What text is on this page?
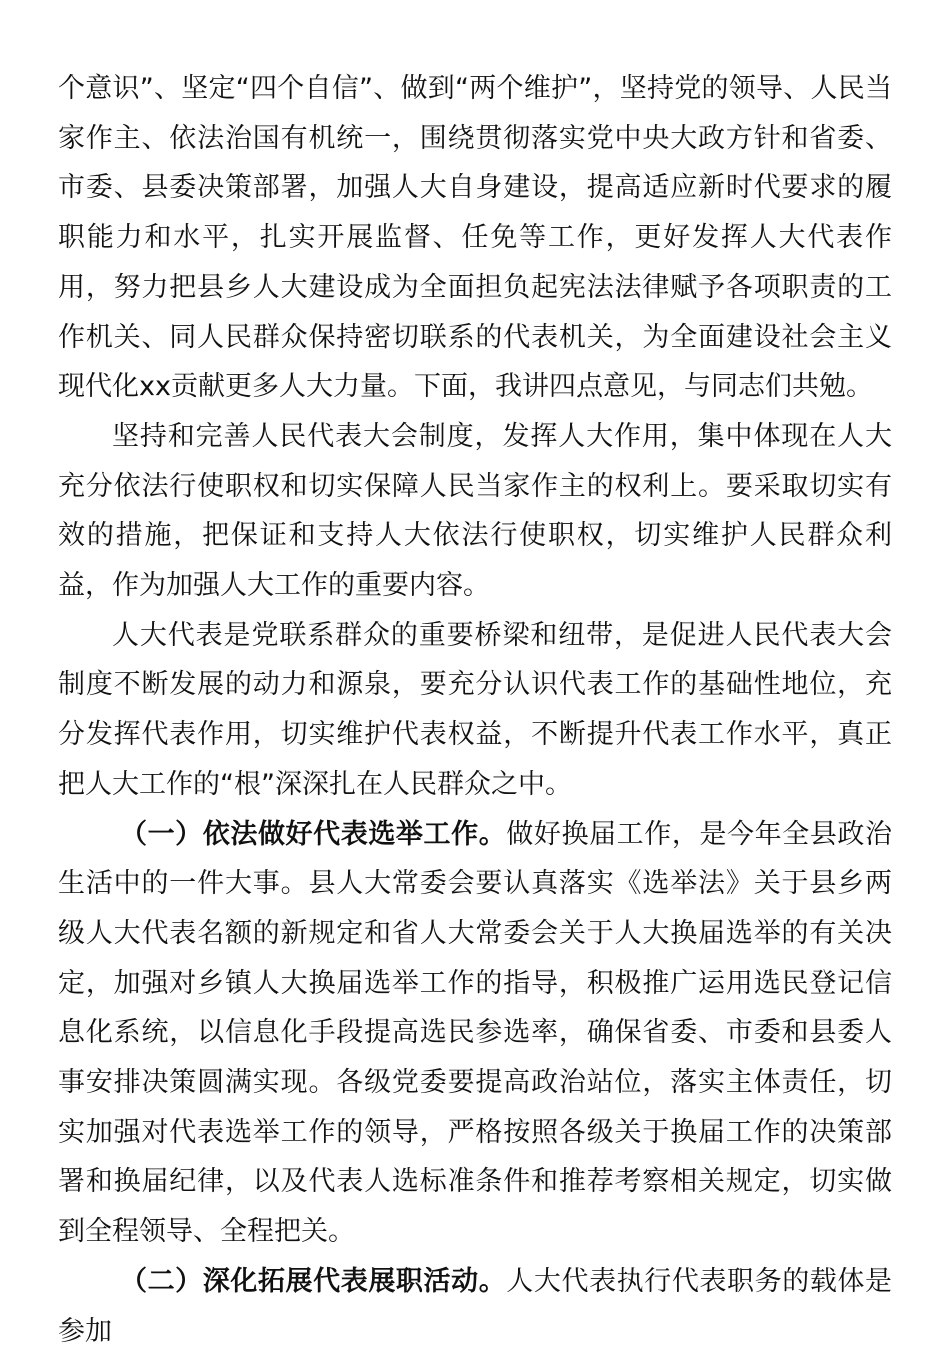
个意识”、坚定“四个自信”、做到“两个维护”，坚持党的领导、人民当家作主、依法治国有机统一，围绕贯彻落实党中央大政方针和省委、市委、县委决策部署，加强人大自身建设，提高适应新时代要求的履职能力和水平，扎实开展监督、任免等工作，更好发挥人大代表作用，努力把县乡人大建设成为全面担负起宪法法律赋予各项职责的工作机关、同人民群众保持密切联系的代表机关，为全面建设社会主义现代化xx贡献更多人大力量。下面，我讲四点意见，与同志们共勉。

坚持和完善人民代表大会制度，发挥人大作用，集中体现在人大充分依法行使职权和切实保障人民当家作主的权利上。要采取切实有效的措施，把保证和支持人大依法行使职权，切实维护人民群众利益，作为加强人大工作的重要内容。

人大代表是党联系群众的重要桥梁和纽带，是促进人民代表大会制度不断发展的动力和源泉，要充分认识代表工作的基础性地位，充分发挥代表作用，切实维护代表权益，不断提升代表工作水平，真正把人大工作的“根”深深扎在人民群众之中。

（一）依法做好代表选举工作。做好换届工作，是今年全县政治生活中的一件大事。县人大常委会要认真落实《选举法》关于县乡两级人大代表名额的新规定和省人大常委会关于人大换届选举的有关决定，加强对乡镇人大换届选举工作的指导，积极推广运用选民登记信息化系统，以信息化手段提高选民参选率，确保省委、市委和县委人事安排决策圆满实现。各级党委要提高政治站位，落实主体责任，切实加强对代表选举工作的领导，严格按照各级关于换届工作的决策部署和换届纪律，以及代表人选标准条件和推荐考察相关规定，切实做到全程领导、全程把关。

（二）深化拓展代表展职活动。人大代表执行代表职务的载体是参加
